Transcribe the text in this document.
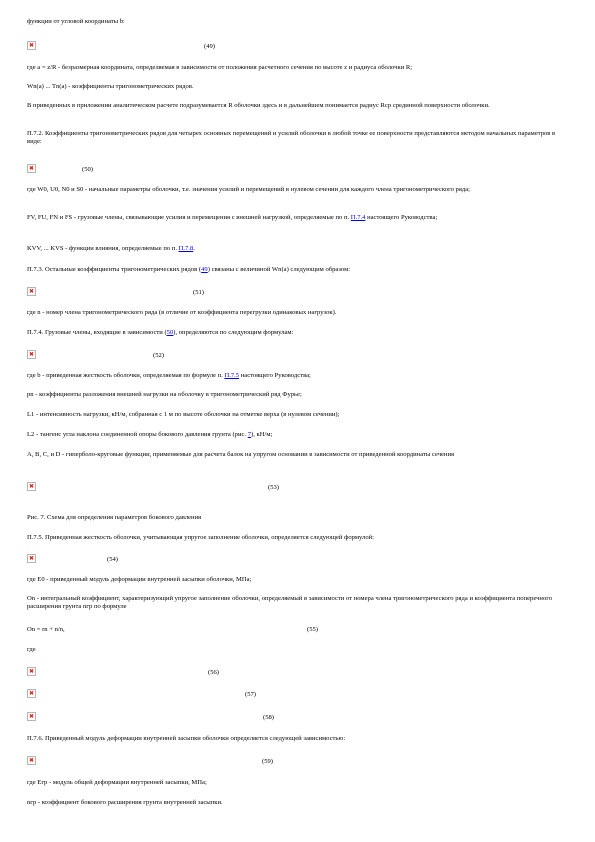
функции от угловой координаты b:
✖
(49)
где a = z/R - безразмерная координата, определяемая в зависимости от положения расчетного сечения по высоте z и радиуса оболочки R;
Wn(a) ... Tn(a) - коэффициенты тригонометрических рядов.
В приведенных в приложении аналитическом расчете подразумевается R оболочки здесь и в дальнейшем понимается радиус Rср срединной поверхности оболочки.
П.7.2. Коэффициенты тригонометрических рядов для четырех основных перемещений и усилий оболочки в любой точке ее поверхности представляются методом начальных параметров в виде:
✖
(50)
где W0, U0, N0 и S0 - начальные параметры оболочки, т.е. значения усилий и перемещений в нулевом сечении для каждого члена тригонометрического ряда;
FV, FU, FN и FS - грузовые члены, связывающие усилия и перемещения с внешней нагрузкой, определяемые по п. П.7.4 настоящего Руководства;
KVV, ... KVS - функции влияния, определяемые по п. П.7.8.
П.7.3. Остальные коэффициенты тригонометрических рядов (49) связаны с величиной Wn(a) следующим образом:
✖
(51)
где n - номер члена тригонометрического ряда (в отличие от коэффициента перегрузки одинаковых нагрузок).
П.7.4. Грузовые члены, входящие в зависимости (50), определяются по следующим формулам:
✖
(52)
где b - приведенная жесткость оболочки, определяемая по формуле п. П.7.5 настоящего Руководства;
рn - коэффициенты разложения внешней нагрузки на оболочку в тригонометрический ряд Фурье;
L1 - интенсивность нагрузки, кН/м, собранная с 1 м по высоте оболочки на отметке верха (в нулевом сечении);
L2 - тангенс угла наклона соединенной опоры бокового давления грунта (рис. 7), кН/м;
A, B, C, и D - гиперболо-круговые функции, применяемые для расчета балок на упругом основании в зависимости от приведенной координаты сечения
✖
(53)
Рис. 7. Схема для определения параметров бокового давления
П.7.5. Приведенная жесткость оболочки, учитывающая упругое заполнение оболочки, определяется следующей формулой:
✖
(54)
где E0 - приведенный модуль деформации внутренней засыпки оболочки, МПа;
On - интегральный коэффициент, характеризующий упругое заполнение оболочки, определяемый в зависимости от номера члена тригонометрического ряда и коэффициента поперечного расширения грунта nгр по формуле
On = rn + n/n,	(55)
где
✖
(56)
✖
(57)
✖
(58)
П.7.6. Приведенный модуль деформации внутренней засыпки оболочки определяется следующей зависимостью:
✖
(59)
где Eгр - модуль общей деформации внутренней засыпки, МПа;
nгр - коэффициент бокового расширения грунта внутренней засыпки.
